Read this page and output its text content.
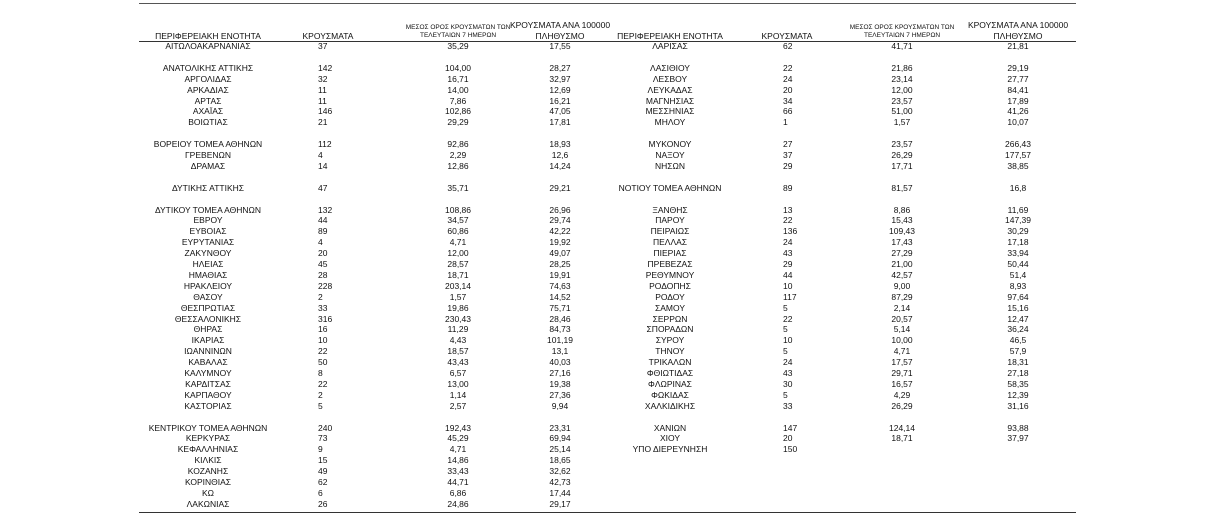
ΠΕΡΙΦΕΡΕΙΑΚΗ ΕΝΟΤΗΤΑ	ΚΡΟΥΣΜΑΤΑ
ΜΕΣΟΣ ΟΡΟΣ ΚΡΟΥΣΜΑΤΩΝ ΤΩΝ
ΤΕΛΕΥΤΑΙΩΝ 7 ΗΜΕΡΩΝ
ΚΡΟΥΣΜΑΤΑ ΑΝΑ 100000
ΠΛΗΘΥΣΜΟ	ΠΕΡΙΦΕΡΕΙΑΚΗ ΕΝΟΤΗΤΑ	ΚΡΟΥΣΜΑΤΑ
ΜΕΣΟΣ ΟΡΟΣ ΚΡΟΥΣΜΑΤΩΝ ΤΩΝ
ΤΕΛΕΥΤΑΙΩΝ 7 ΗΜΕΡΩΝ
ΚΡΟΥΣΜΑΤΑ ΑΝΑ 100000
ΠΛΗΘΥΣΜΟ
ΑΙΤΩΛΟΑΚΑΡΝΑΝΙΑΣ	37	35,29	17,55
ΑΝΑΤΟΛΙΚΗΣ ΑΤΤΙΚΗΣ	142	104,00	28,27
ΑΡΓΟΛΙΔΑΣ	32	16,71	32,97
ΑΡΚΑΔΙΑΣ	11	14,00	12,69
ΑΡΤΑΣ	11	7,86	16,21
ΑΧΑΪΑΣ	146	102,86	47,05
ΒΟΙΩΤΙΑΣ	21	29,29	17,81
ΒΟΡΕΙΟΥ ΤΟΜΕΑ ΑΘΗΝΩΝ	112	92,86	18,93
ΓΡΕΒΕΝΩΝ	4	2,29	12,6
ΔΡΑΜΑΣ	14	12,86	14,24
ΔΥΤΙΚΗΣ ΑΤΤΙΚΗΣ	47	35,71	29,21
ΔΥΤΙΚΟΥ ΤΟΜΕΑ ΑΘΗΝΩΝ	132	108,86	26,96
ΕΒΡΟΥ	44	34,57	29,74
ΕΥΒΟΙΑΣ	89	60,86	42,22
ΕΥΡΥΤΑΝΙΑΣ	4	4,71	19,92
ΖΑΚΥΝΘΟΥ	20	12,00	49,07
ΗΛΕΙΑΣ	45	28,57	28,25
ΗΜΑΘΙΑΣ	28	18,71	19,91
ΗΡΑΚΛΕΙΟΥ	228	203,14	74,63
ΘΑΣΟΥ	2	1,57	14,52
ΘΕΣΠΡΩΤΙΑΣ	33	19,86	75,71
ΘΕΣΣΑΛΟΝΙΚΗΣ	316	230,43	28,46
ΘΗΡΑΣ	16	11,29	84,73
ΙΚΑΡΙΑΣ	10	4,43	101,19
ΙΩΑΝΝΙΝΩΝ	22	18,57	13,1
ΚΑΒΑΛΑΣ	50	43,43	40,03
ΚΑΛΥΜΝΟΥ	8	6,57	27,16
ΚΑΡΔΙΤΣΑΣ	22	13,00	19,38
ΚΑΡΠΑΘΟΥ	2	1,14	27,36
ΚΑΣΤΟΡΙΑΣ	5	2,57	9,94
ΚΕΝΤΡΙΚΟΥ ΤΟΜΕΑ ΑΘΗΝΩΝ	240	192,43	23,31
ΚΕΡΚΥΡΑΣ	73	45,29	69,94
ΚΕΦΑΛΛΗΝΙΑΣ	9	4,71	25,14
ΚΙΛΚΙΣ	15	14,86	18,65
ΚΟΖΑΝΗΣ	49	33,43	32,62
ΚΟΡΙΝΘΙΑΣ	62	44,71	42,73
ΚΩ	6	6,86	17,44
ΛΑΚΩΝΙΑΣ	26	24,86	29,17
ΛΑΡΙΣΑΣ	62	41,71	21,81
ΛΑΣΙΘΙΟΥ	22	21,86	29,19
ΛΕΣΒΟΥ	24	23,14	27,77
ΛΕΥΚΑΔΑΣ	20	12,00	84,41
ΜΑΓΝΗΣΙΑΣ	34	23,57	17,89
ΜΕΣΣΗΝΙΑΣ	66	51,00	41,26
ΜΗΛΟΥ	1	1,57	10,07
ΜΥΚΟΝΟΥ	27	23,57	266,43
ΝΑΞΟΥ	37	26,29	177,57
ΝΗΣΩΝ	29	17,71	38,85
ΝΟΤΙΟΥ ΤΟΜΕΑ ΑΘΗΝΩΝ	89	81,57	16,8
ΞΑΝΘΗΣ	13	8,86	11,69
ΠΑΡΟΥ	22	15,43	147,39
ΠΕΙΡΑΙΩΣ	136	109,43	30,29
ΠΕΛΛΑΣ	24	17,43	17,18
ΠΙΕΡΙΑΣ	43	27,29	33,94
ΠΡΕΒΕΖΑΣ	29	21,00	50,44
ΡΕΘΥΜΝΟΥ	44	42,57	51,4
ΡΟΔΟΠΗΣ	10	9,00	8,93
ΡΟΔΟΥ	117	87,29	97,64
ΣΑΜΟΥ	5	2,14	15,16
ΣΕΡΡΩΝ	22	20,57	12,47
ΣΠΟΡΑΔΩΝ	5	5,14	36,24
ΣΥΡΟΥ	10	10,00	46,5
ΤΗΝΟΥ	5	4,71	57,9
ΤΡΙΚΑΛΩΝ	24	17,57	18,31
ΦΘΙΩΤΙΔΑΣ	43	29,71	27,18
ΦΛΩΡΙΝΑΣ	30	16,57	58,35
ΦΩΚΙΔΑΣ	5	4,29	12,39
ΧΑΛΚΙΔΙΚΗΣ	33	26,29	31,16
ΧΑΝΙΩΝ	147	124,14	93,88
ΧΙΟΥ	20	18,71	37,97
ΥΠΟ ΔΙΕΡΕΥΝΗΣΗ	150
